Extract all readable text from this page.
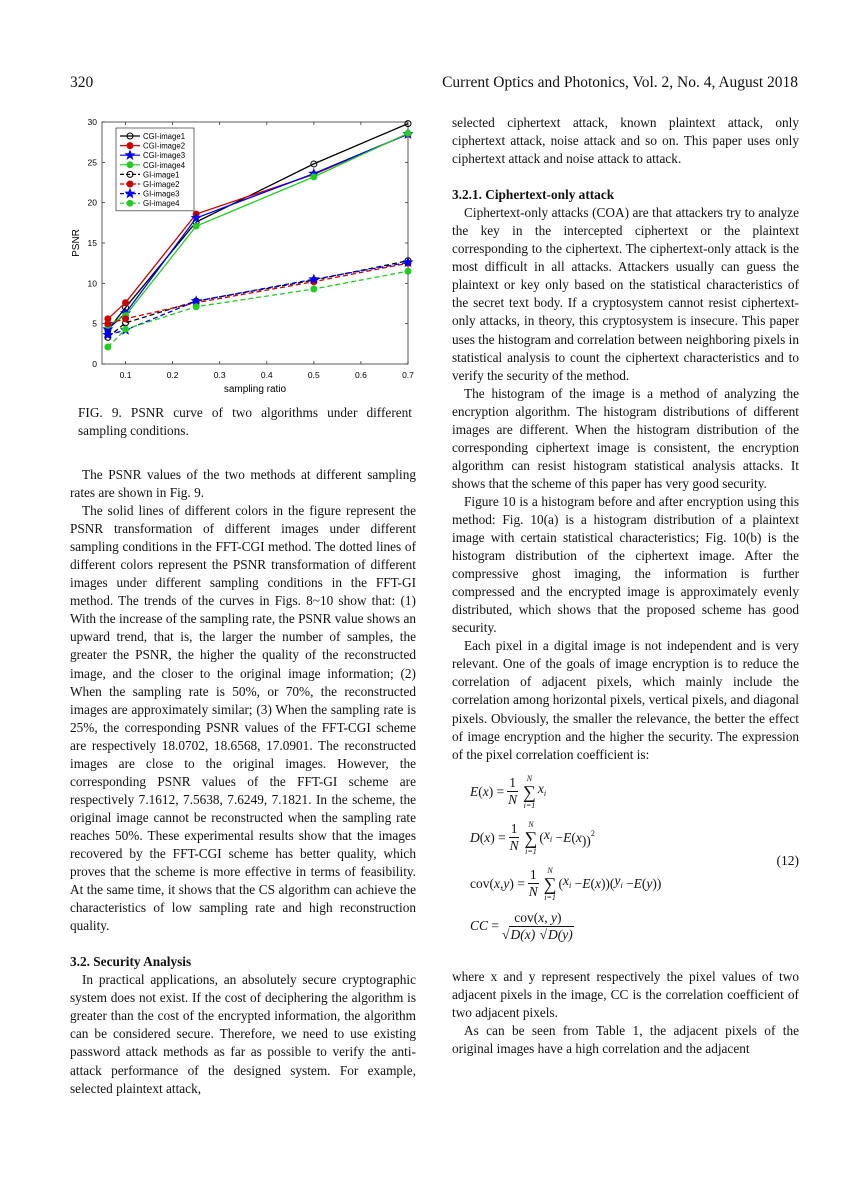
320	Current Optics and Photonics, Vol. 2, No. 4, August 2018
0.1	0.2	0.3	0.4	0.5	0.6	0.7
0
5
10
15
20
25
30
CGI-image1
CGI-image2
CGI-image3
CGI-image4
GI-image1
GI-image2
GI-image3
GI-image4
PSNR
sampling ratio
FIG. 9. PSNR curve of two algorithms under different sampling conditions.

The PSNR values of the two methods at different sampling rates are shown in Fig. 9.

The solid lines of different colors in the figure represent the PSNR transformation of different images under different sampling conditions in the FFT-CGI method. The dotted lines of different colors represent the PSNR transformation of different images under different sampling conditions in the FFT-GI method. The trends of the curves in Figs. 8~10 show that: (1) With the increase of the sampling rate, the PSNR value shows an upward trend, that is, the larger the number of samples, the greater the PSNR, the higher the quality of the reconstructed image, and the closer to the original image information; (2) When the sampling rate is 50%, or 70%, the reconstructed images are approximately similar; (3) When the sampling rate is 25%, the corresponding PSNR values of the FFT-CGI scheme are respectively 18.0702, 18.6568, 17.0901. The reconstructed images are close to the original images. However, the corresponding PSNR values of the FFT-GI scheme are respectively 7.1612, 7.5638, 7.6249, 7.1821. In the scheme, the original image cannot be reconstructed when the sampling rate reaches 50%. These experimental results show that the images recovered by the FFT-CGI scheme has better quality, which proves that the scheme is more effective in terms of feasibility. At the same time, it shows that the CS algorithm can achieve the characteristics of low sampling rate and high reconstruction quality.

3.2. Security Analysis

In practical applications, an absolutely secure cryptographic system does not exist. If the cost of deciphering the algorithm is greater than the cost of the encrypted information, the algorithm can be considered secure. Therefore, we need to use existing password attack methods as far as possible to verify the anti-attack performance of the designed system. For example, selected plaintext attack,

selected ciphertext attack, known plaintext attack, only ciphertext attack, noise attack and so on. This paper uses only ciphertext attack and noise attack to attack.

3.2.1. Ciphertext-only attack

Ciphertext-only attacks (COA) are that attackers try to analyze the key in the intercepted ciphertext or the plaintext corresponding to the ciphertext. The ciphertext-only attack is the most difficult in all attacks. Attackers usually can guess the plaintext or key only based on the statistical characteristics of the secret text body. If a cryptosystem cannot resist ciphertext-only attacks, in theory, this cryptosystem is insecure. This paper uses the histogram and correlation between neighboring pixels in statistical analysis to count the ciphertext characteristics and to verify the security of the method.

The histogram of the image is a method of analyzing the encryption algorithm. The histogram distributions of different images are different. When the histogram distribution of the corresponding ciphertext image is consistent, the encryption algorithm can resist histogram statistical analysis attacks. It shows that the scheme of this paper has very good security.

Figure 10 is a histogram before and after encryption using this method: Fig. 10(a) is a histogram distribution of a plaintext image with certain statistical characteristics; Fig. 10(b) is the histogram distribution of the ciphertext image. After the compressive ghost imaging, the information is further compressed and the encrypted image is approximately evenly distributed, which shows that the proposed scheme has good security.

Each pixel in a digital image is not independent and is very relevant. One of the goals of image encryption is to reduce the correlation of adjacent pixels, which mainly include the correlation among horizontal pixels, vertical pixels, and diagonal pixels. Obviously, the smaller the relevance, the better the effect of image encryption and the higher the security. The expression of the pixel correlation coefficient is:

E ( x ) = $\frac{1}{N}$ N
∑
i=1
$x_i$
D ( x ) = $\frac{1}{N}$ N
∑
i=1
( $x_i - E$ ( x ))$^2$
cov( x , y ) = $\frac{1}{N}$ N
∑
i=1
( $x_i - E$ ( x ))( $y_i - E$ ( y ))
CC = $\frac{\text{cov(x, y)}}{√D(x) √D(y)}$
(12)

where x and y represent respectively the pixel values of two adjacent pixels in the image, CC is the correlation coefficient of two adjacent pixels.

As can be seen from Table 1, the adjacent pixels of the original images have a high correlation and the adjacent
